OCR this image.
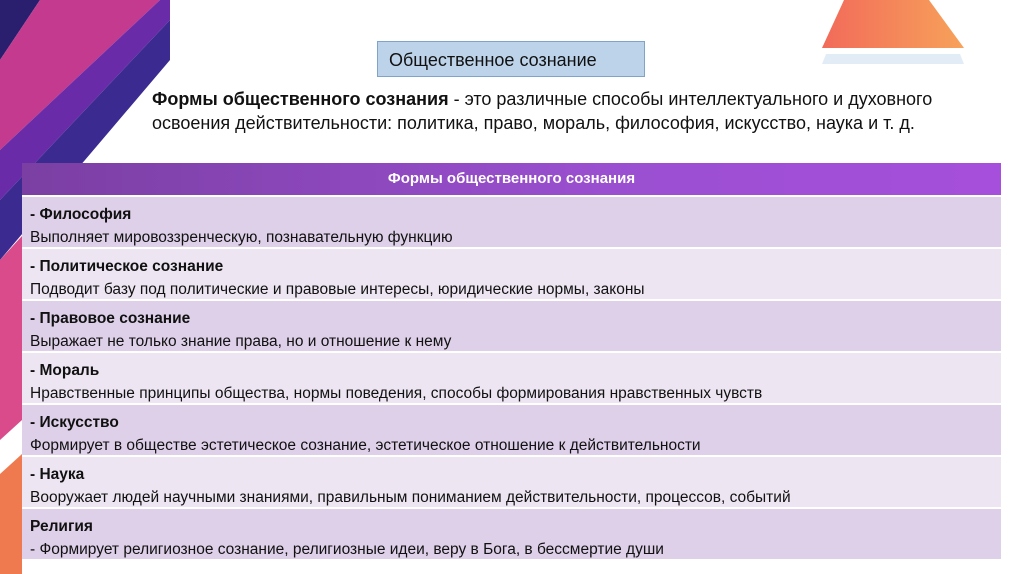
Общественное сознание
Формы общественного сознания - это различные способы интеллектуального и духовного освоения действительности: политика, право, мораль, философия, искусство, наука и т. д.
Формы общественного сознания
- Философия
Выполняет мировоззренческую, познавательную функцию
- Политическое сознание
Подводит базу под политические и правовые интересы, юридические нормы, законы
- Правовое сознание
Выражает не только знание права, но и отношение к нему
- Мораль
Нравственные принципы общества, нормы поведения, способы формирования нравственных чувств
- Искусство
Формирует в обществе эстетическое сознание, эстетическое отношение к действительности
- Наука
Вооружает людей научными знаниями, правильным пониманием действительности, процессов, событий
Религия
- Формирует религиозное сознание, религиозные идеи, веру в Бога, в бессмертие души
